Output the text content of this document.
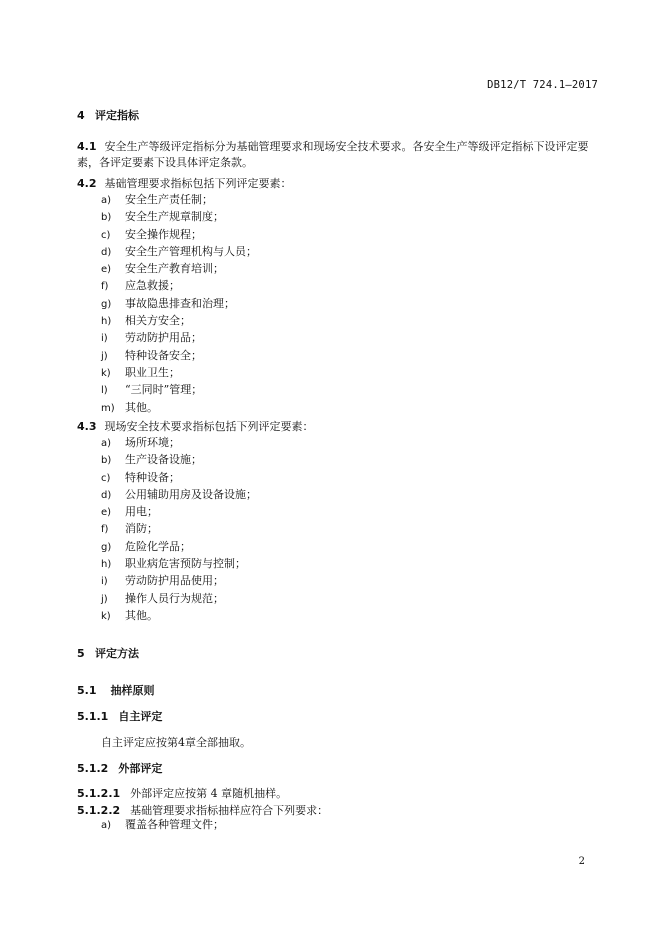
DB12/T 724.1—2017
4 评定指标
4.1 安全生产等级评定指标分为基础管理要求和现场安全技术要求。各安全生产等级评定指标下设评定要素，各评定要素下设具体评定条款。
4.2 基础管理要求指标包括下列评定要素：
a) 安全生产责任制；
b) 安全生产规章制度；
c) 安全操作规程；
d) 安全生产管理机构与人员；
e) 安全生产教育培训；
f) 应急救援；
g) 事故隐患排查和治理；
h) 相关方安全；
i) 劳动防护用品；
j) 特种设备安全；
k) 职业卫生；
l) “三同时”管理；
m) 其他。
4.3 现场安全技术要求指标包括下列评定要素：
a) 场所环境；
b) 生产设备设施；
c) 特种设备；
d) 公用辅助用房及设备设施；
e) 用电；
f) 消防；
g) 危险化学品；
h) 职业病危害预防与控制；
i) 劳动防护用品使用；
j) 操作人员行为规范；
k) 其他。
5 评定方法
5.1 抽样原则
5.1.1 自主评定
自主评定应按第4章全部抽取。
5.1.2 外部评定
5.1.2.1 外部评定应按第 4 章随机抽样。
5.1.2.2 基础管理要求指标抽样应符合下列要求：
a) 覆盖各种管理文件；
2
